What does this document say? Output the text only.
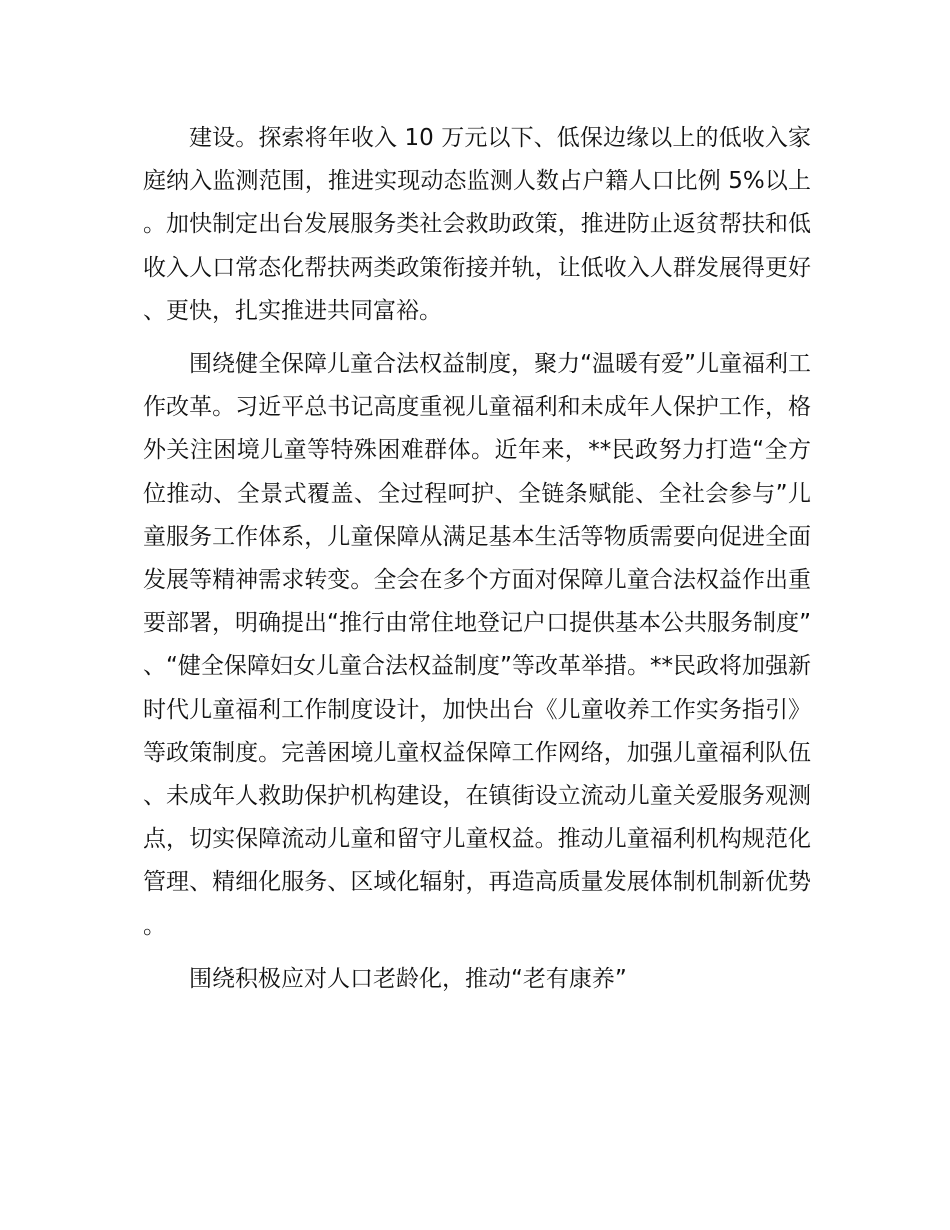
建设。探索将年收入 10 万元以下、低保边缘以上的低收入家庭纳入监测范围，推进实现动态监测人数占户籍人口比例 5%以上。加快制定出台发展服务类社会救助政策，推进防止返贫帮扶和低收入人口常态化帮扶两类政策衔接并轨，让低收入人群发展得更好、更快，扎实推进共同富裕。

围绕健全保障儿童合法权益制度，聚力“温暖有爱”儿童福利工作改革。习近平总书记高度重视儿童福利和未成年人保护工作，格外关注困境儿童等特殊困难群体。近年来，**民政努力打造“全方位推动、全景式覆盖、全过程呵护、全链条赋能、全社会参与”儿童服务工作体系，儿童保障从满足基本生活等物质需要向促进全面发展等精神需求转变。全会在多个方面对保障儿童合法权益作出重要部署，明确提出“推行由常住地登记户口提供基本公共服务制度”、“健全保障妇女儿童合法权益制度”等改革举措。**民政将加强新时代儿童福利工作制度设计，加快出台《儿童收养工作实务指引》等政策制度。完善困境儿童权益保障工作网络，加强儿童福利队伍、未成年人救助保护机构建设，在镇街设立流动儿童关爱服务观测点，切实保障流动儿童和留守儿童权益。推动儿童福利机构规范化管理、精细化服务、区域化辐射，再造高质量发展体制机制新优势。

围绕积极应对人口老龄化，推动“老有康养”
